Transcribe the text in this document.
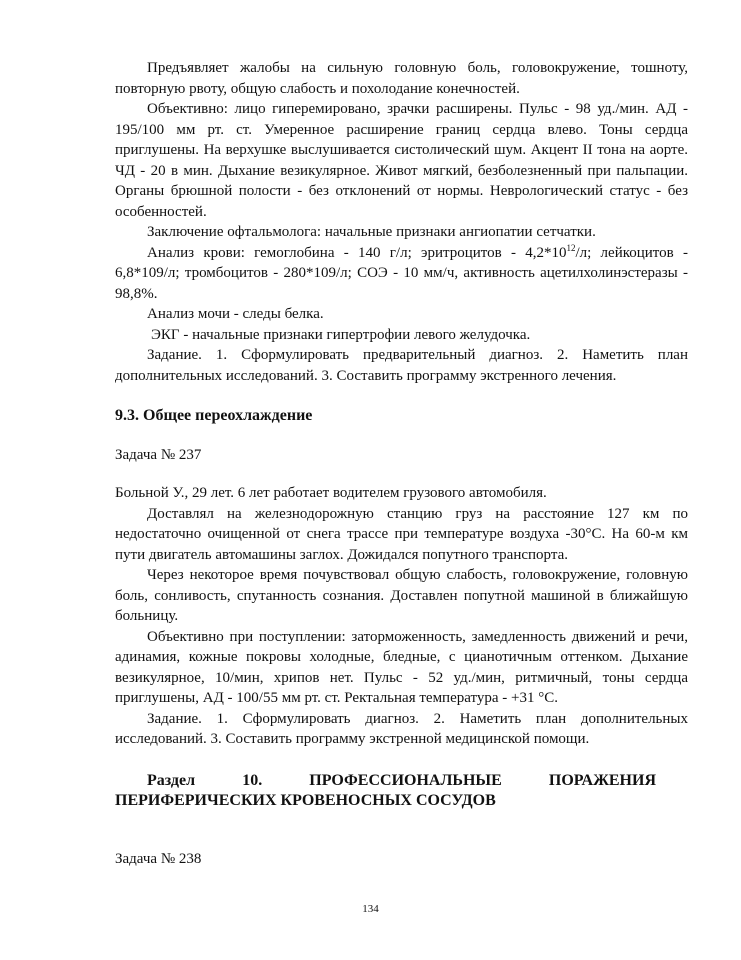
Предъявляет жалобы на сильную головную боль, головокружение, тошноту, повторную рвоту, общую слабость и похолодание конечностей.

Объективно: лицо гиперемировано, зрачки расширены. Пульс - 98 уд./мин. АД - 195/100 мм рт. ст. Умеренное расширение границ сердца влево. Тоны сердца приглушены. На верхушке выслушивается систолический шум. Акцент II тона на аорте. ЧД - 20 в мин. Дыхание везикулярное. Живот мягкий, безболезненный при пальпации. Органы брюшной полости - без отклонений от нормы. Неврологический статус - без особенностей.

Заключение офтальмолога: начальные признаки ангиопатии сетчатки.

Анализ крови: гемоглобина - 140 г/л; эритроцитов - $4,2*10^{12}/л$; лейкоцитов - 6,8*109/л; тромбоцитов - 280*109/л; СОЭ - 10 мм/ч, активность ацетилхолинэстеразы - 98,8%.

Анализ мочи - следы белка.

ЭКГ - начальные признаки гипертрофии левого желудочка.

Задание. 1. Сформулировать предварительный диагноз. 2. Наметить план дополнительных исследований. 3. Составить программу экстренного лечения.

9.3. Общее переохлаждение

Задача № 237

Больной У., 29 лет. 6 лет работает водителем грузового автомобиля.

Доставлял на железнодорожную станцию груз на расстояние 127 км по недостаточно очищенной от снега трассе при температуре воздуха -30°С. На 60-м км пути двигатель автомашины заглох. Дожидался попутного транспорта.

Через некоторое время почувствовал общую слабость, головокружение, головную боль, сонливость, спутанность сознания. Доставлен попутной машиной в ближайшую больницу.

Объективно при поступлении: заторможенность, замедленность движений и речи, адинамия, кожные покровы холодные, бледные, с цианотичным оттенком. Дыхание везикулярное, 10/мин, хрипов нет. Пульс - 52 уд./мин, ритмичный, тоны сердца приглушены, АД - 100/55 мм рт. ст. Ректальная температура - +31 °С.

Задание. 1. Сформулировать диагноз. 2. Наметить план дополнительных исследований. 3. Составить программу экстренной медицинской помощи.

Раздел	10.	ПРОФЕССИОНАЛЬНЫЕ	ПОРАЖЕНИЯ
ПЕРИФЕРИЧЕСКИХ КРОВЕНОСНЫХ СОСУДОВ

Задача № 238

134
